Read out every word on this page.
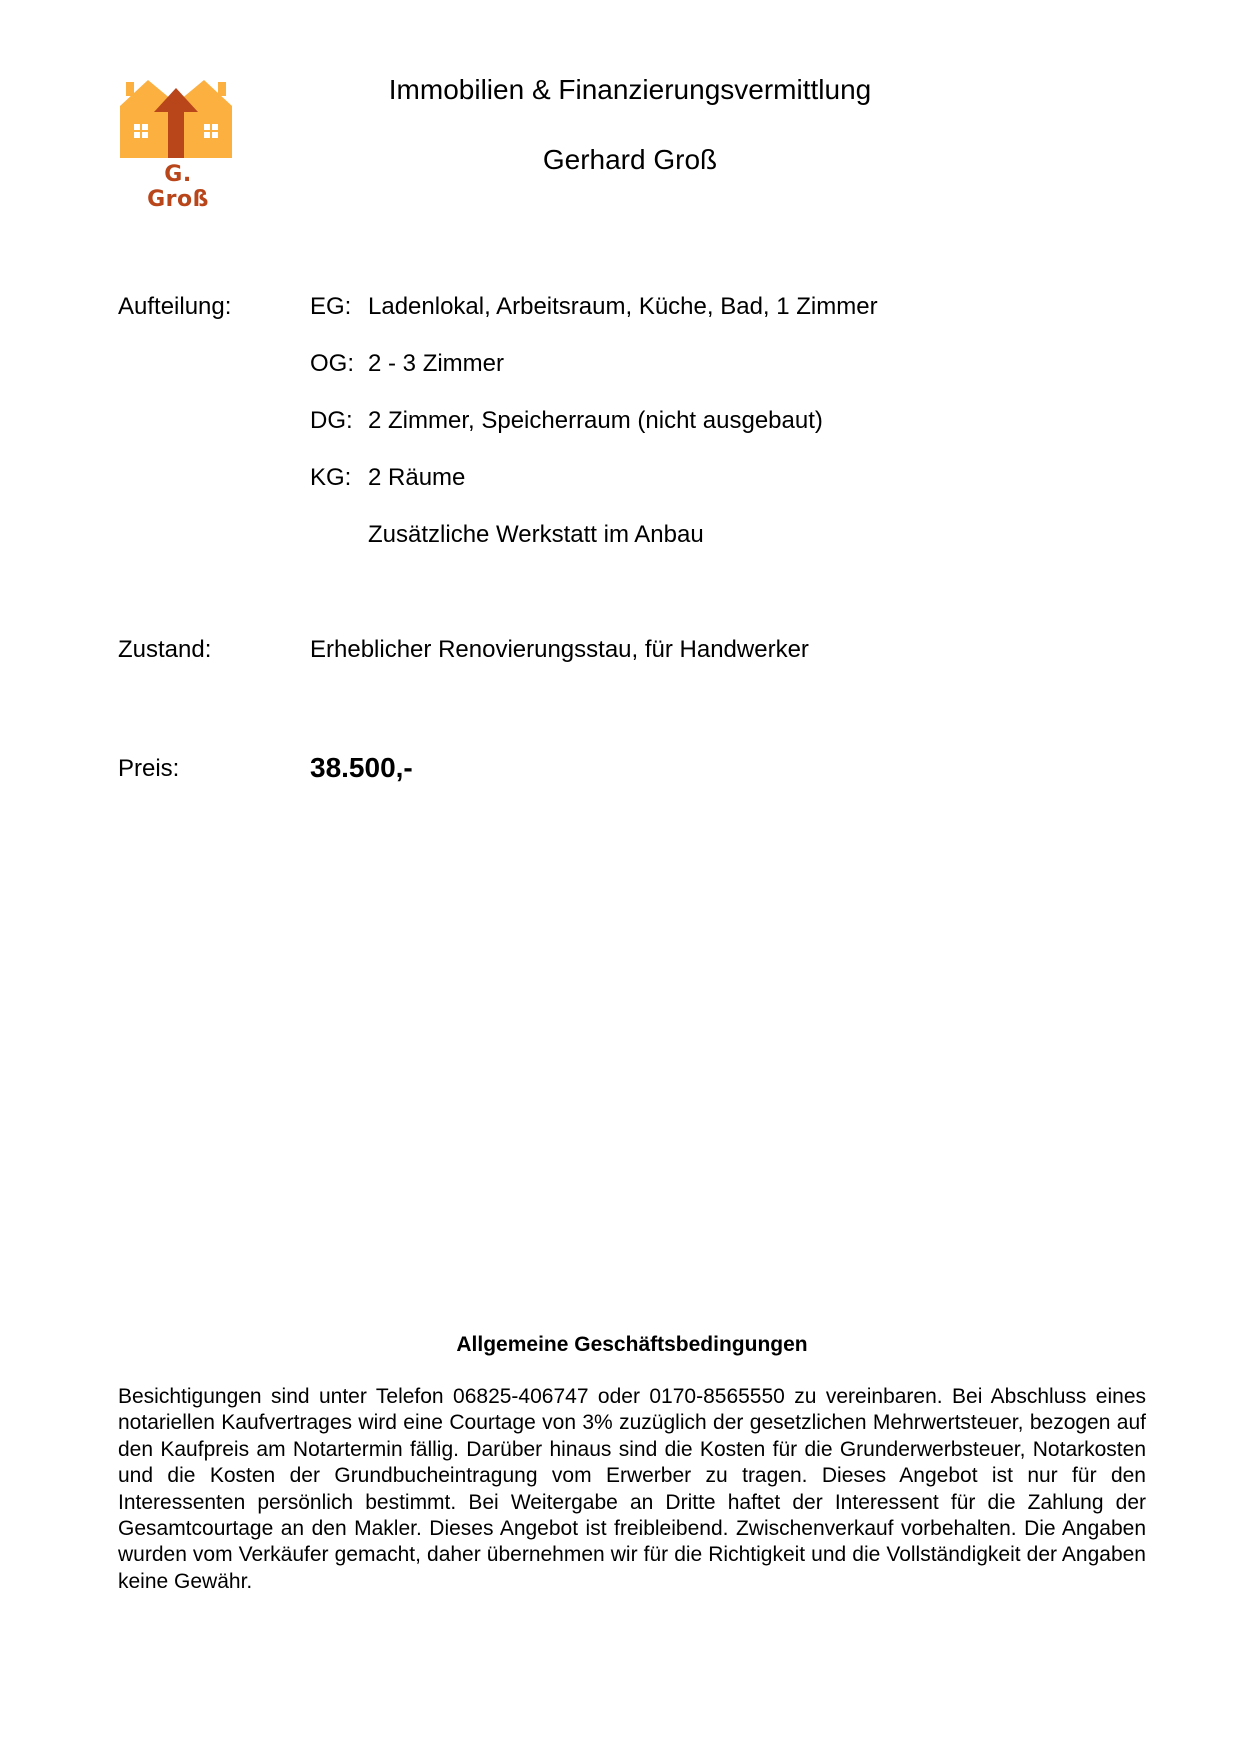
G. Groß
Immobilien & Finanzierungsvermittlung
Gerhard Groß
Aufteilung:	EG: Ladenlokal, Arbeitsraum, Küche, Bad, 1 Zimmer
OG: 2 - 3 Zimmer
DG: 2 Zimmer, Speicherraum (nicht ausgebaut)
KG: 2 Räume
Zusätzliche Werkstatt im Anbau
Zustand:	Erheblicher Renovierungsstau, für Handwerker
Preis:	38.500,-
Allgemeine Geschäftsbedingungen
Besichtigungen sind unter Telefon 06825-406747 oder 0170-8565550 zu vereinbaren. Bei Abschluss eines notariellen Kaufvertrages wird eine Courtage von 3% zuzüglich der gesetzlichen Mehrwertsteuer, bezogen auf den Kaufpreis am Notartermin fällig. Darüber hinaus sind die Kosten für die Grunderwerbsteuer, Notarkosten und die Kosten der Grundbucheintragung vom Erwerber zu tragen. Dieses Angebot ist nur für den Interessenten persönlich bestimmt. Bei Weitergabe an Dritte haftet der Interessent für die Zahlung der Gesamtcourtage an den Makler. Dieses Angebot ist freibleibend. Zwischenverkauf vorbehalten. Die Angaben wurden vom Verkäufer gemacht, daher übernehmen wir für die Richtigkeit und die Vollständigkeit der Angaben keine Gewähr.
